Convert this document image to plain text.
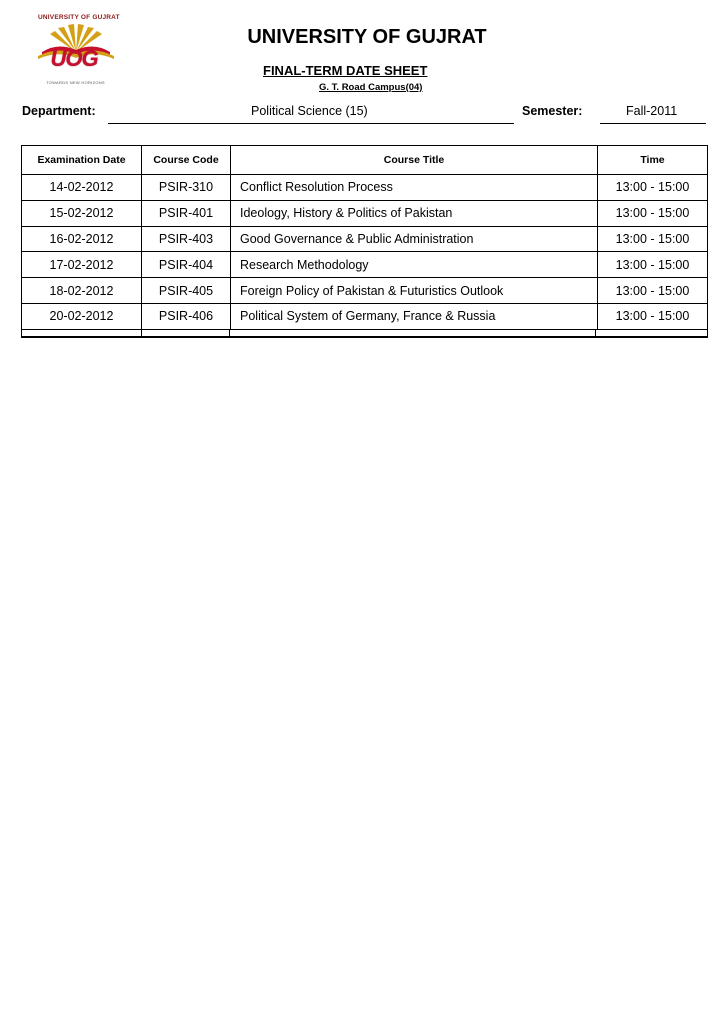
UNIVERSITY OF GUJRAT
UOG
TOWARDS NEW HORIZONS
UNIVERSITY OF GUJRAT
FINAL-TERM DATE SHEET
G. T. Road Campus(04)
Department:	Political Science (15)	Semester:	Fall-2011
Examination Date	Course Code	Course Title	Time
14-02-2012	PSIR-310	Conflict Resolution Process	13:00 - 15:00
15-02-2012	PSIR-401	Ideology, History & Politics of Pakistan	13:00 - 15:00
16-02-2012	PSIR-403	Good Governance & Public Administration	13:00 - 15:00
17-02-2012	PSIR-404	Research Methodology	13:00 - 15:00
18-02-2012	PSIR-405	Foreign Policy of Pakistan & Futuristics Outlook	13:00 - 15:00
20-02-2012	PSIR-406	Political System of Germany, France & Russia	13:00 - 15:00
